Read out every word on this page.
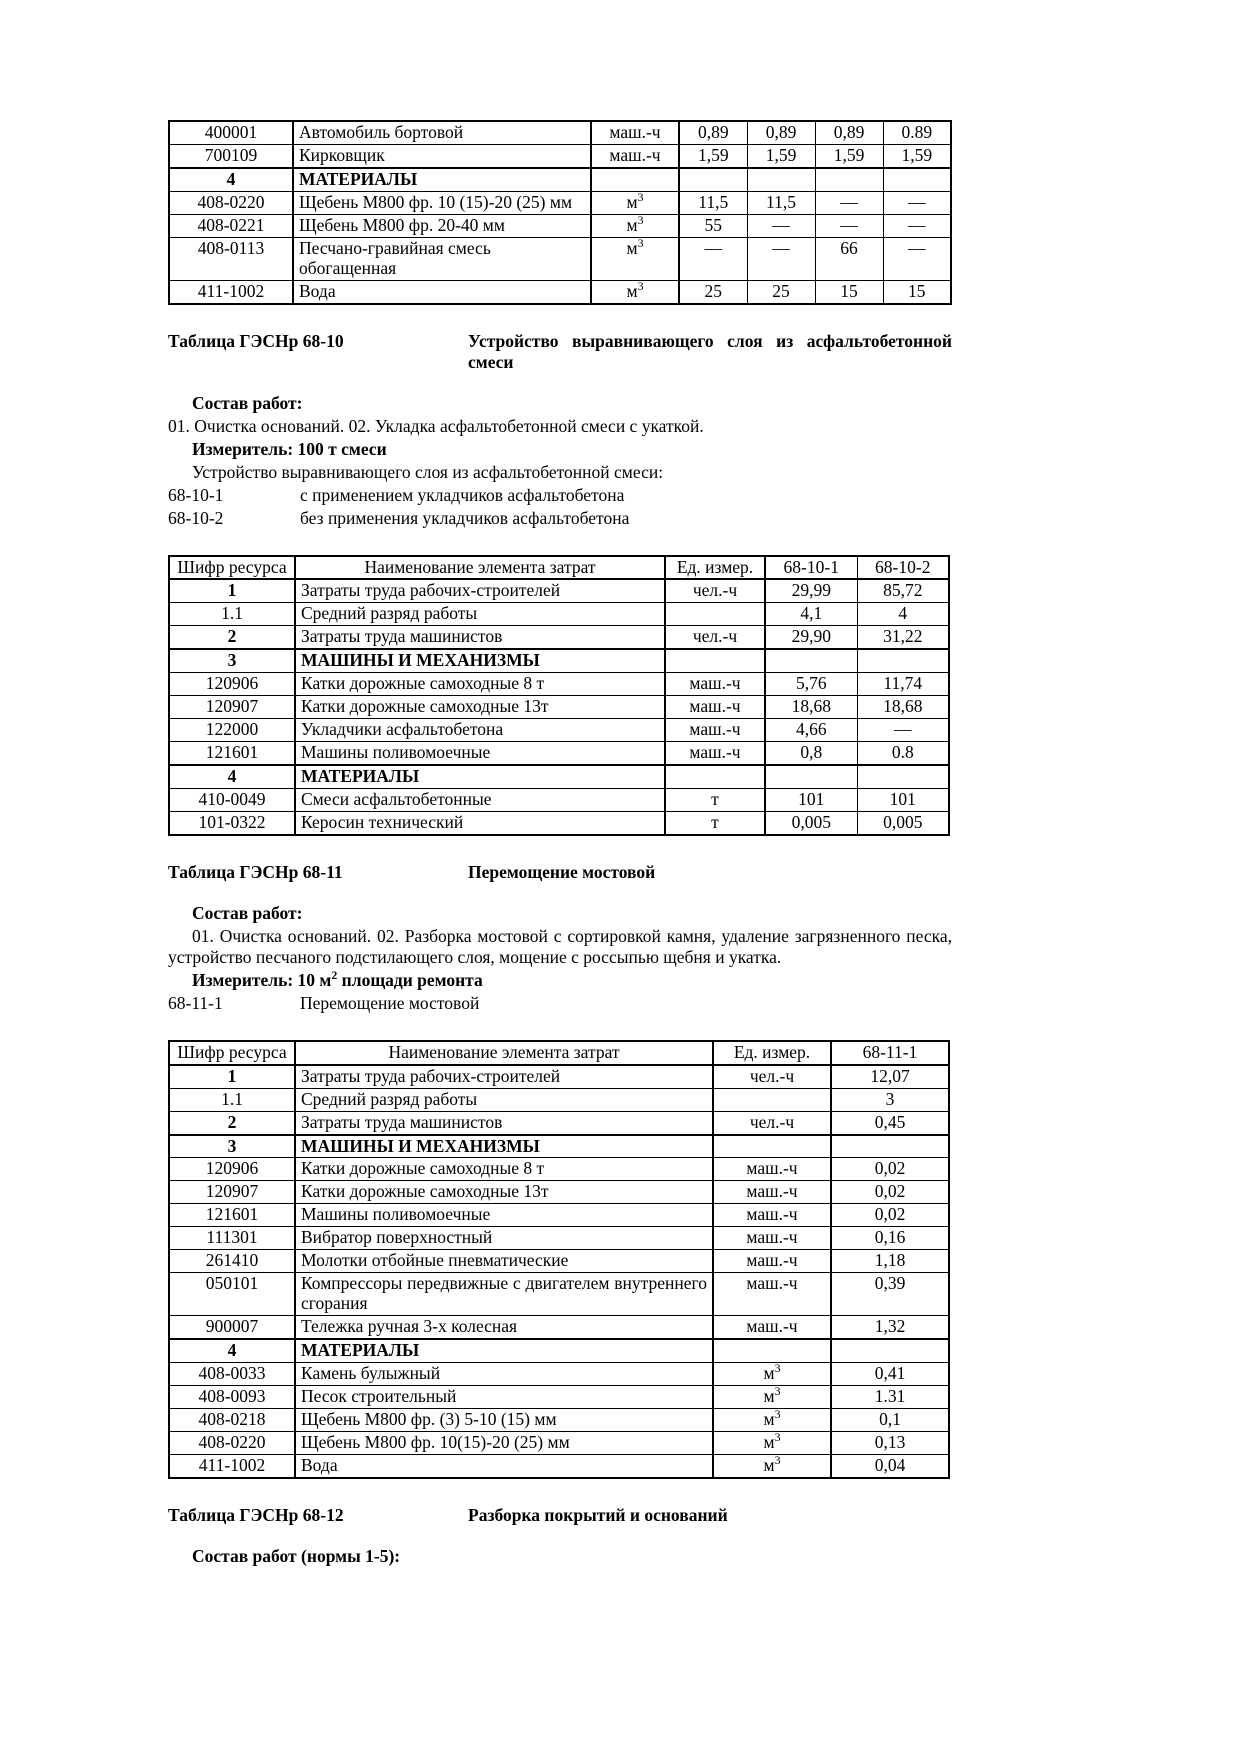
400001	Автомобиль бортовой	маш.-ч	0,89	0,89	0,89	0.89
700109	Кирковщик	маш.-ч	1,59	1,59	1,59	1,59
4	МАТЕРИАЛЫ					
408-0220	Щебень М800 фр. 10 (15)-20 (25) мм	$м^3$	11,5	11,5	—	—
408-0221	Щебень М800 фр. 20-40 мм	$м^3$	55	—	—	—
408-0113	Песчано-гравийная смесь обогащенная	$м^3$	—	—	66	—
411-1002	Вода	$м^3$	25	25	15	15
Таблица ГЭСНр 68-10	Устройство выравнивающего слоя из асфальтобетонной смеси
Состав работ:
01. Очистка оснований. 02. Укладка асфальтобетонной смеси с укаткой.
Измеритель: 100 т смеси
Устройство выравнивающего слоя из асфальтобетонной смеси:
68-10-1	с применением укладчиков асфальтобетона
68-10-2	без применения укладчиков асфальтобетона
Шифр ресурса	Наименование элемента затрат	Ед. измер.	68-10-1	68-10-2
1	Затраты труда рабочих-строителей	чел.-ч	29,99	85,72
1.1	Средний разряд работы		4,1	4
2	Затраты труда машинистов	чел.-ч	29,90	31,22
3	МАШИНЫ И МЕХАНИЗМЫ			
120906	Катки дорожные самоходные 8 т	маш.-ч	5,76	11,74
120907	Катки дорожные самоходные 13т	маш.-ч	18,68	18,68
122000	Укладчики асфальтобетона	маш.-ч	4,66	—
121601	Машины поливомоечные	маш.-ч	0,8	0.8
4	МАТЕРИАЛЫ			
410-0049	Смеси асфальтобетонные	т	101	101
101-0322	Керосин технический	т	0,005	0,005
Таблица ГЭСНр 68-11	Перемощение мостовой
Состав работ:
01. Очистка оснований. 02. Разборка мостовой с сортировкой камня, удаление загрязненного песка, устройство песчаного подстилающего слоя, мощение с россыпью щебня и укатка.
Измеритель: 10 $м^2$ площади ремонта
68-11-1	Перемощение мостовой
Шифр ресурса	Наименование элемента затрат	Ед. измер.	68-11-1
1	Затраты труда рабочих-строителей	чел.-ч	12,07
1.1	Средний разряд работы		3
2	Затраты труда машинистов	чел.-ч	0,45
3	МАШИНЫ И МЕХАНИЗМЫ		
120906	Катки дорожные самоходные 8 т	маш.-ч	0,02
120907	Катки дорожные самоходные 13т	маш.-ч	0,02
121601	Машины поливомоечные	маш.-ч	0,02
111301	Вибратор поверхностный	маш.-ч	0,16
261410	Молотки отбойные пневматические	маш.-ч	1,18
050101	Компрессоры передвижные с двигателем внутреннего сгорания	маш.-ч	0,39
900007	Тележка ручная 3-х колесная	маш.-ч	1,32
4	МАТЕРИАЛЫ		
408-0033	Камень булыжный	$м^3$	0,41
408-0093	Песок строительный	$м^3$	1.31
408-0218	Щебень М800 фр. (3) 5-10 (15) мм	$м^3$	0,1
408-0220	Щебень М800 фр. 10(15)-20 (25) мм	$м^3$	0,13
411-1002	Вода	$м^3$	0,04
Таблица ГЭСНр 68-12	Разборка покрытий и оснований
Состав работ (нормы 1-5):
